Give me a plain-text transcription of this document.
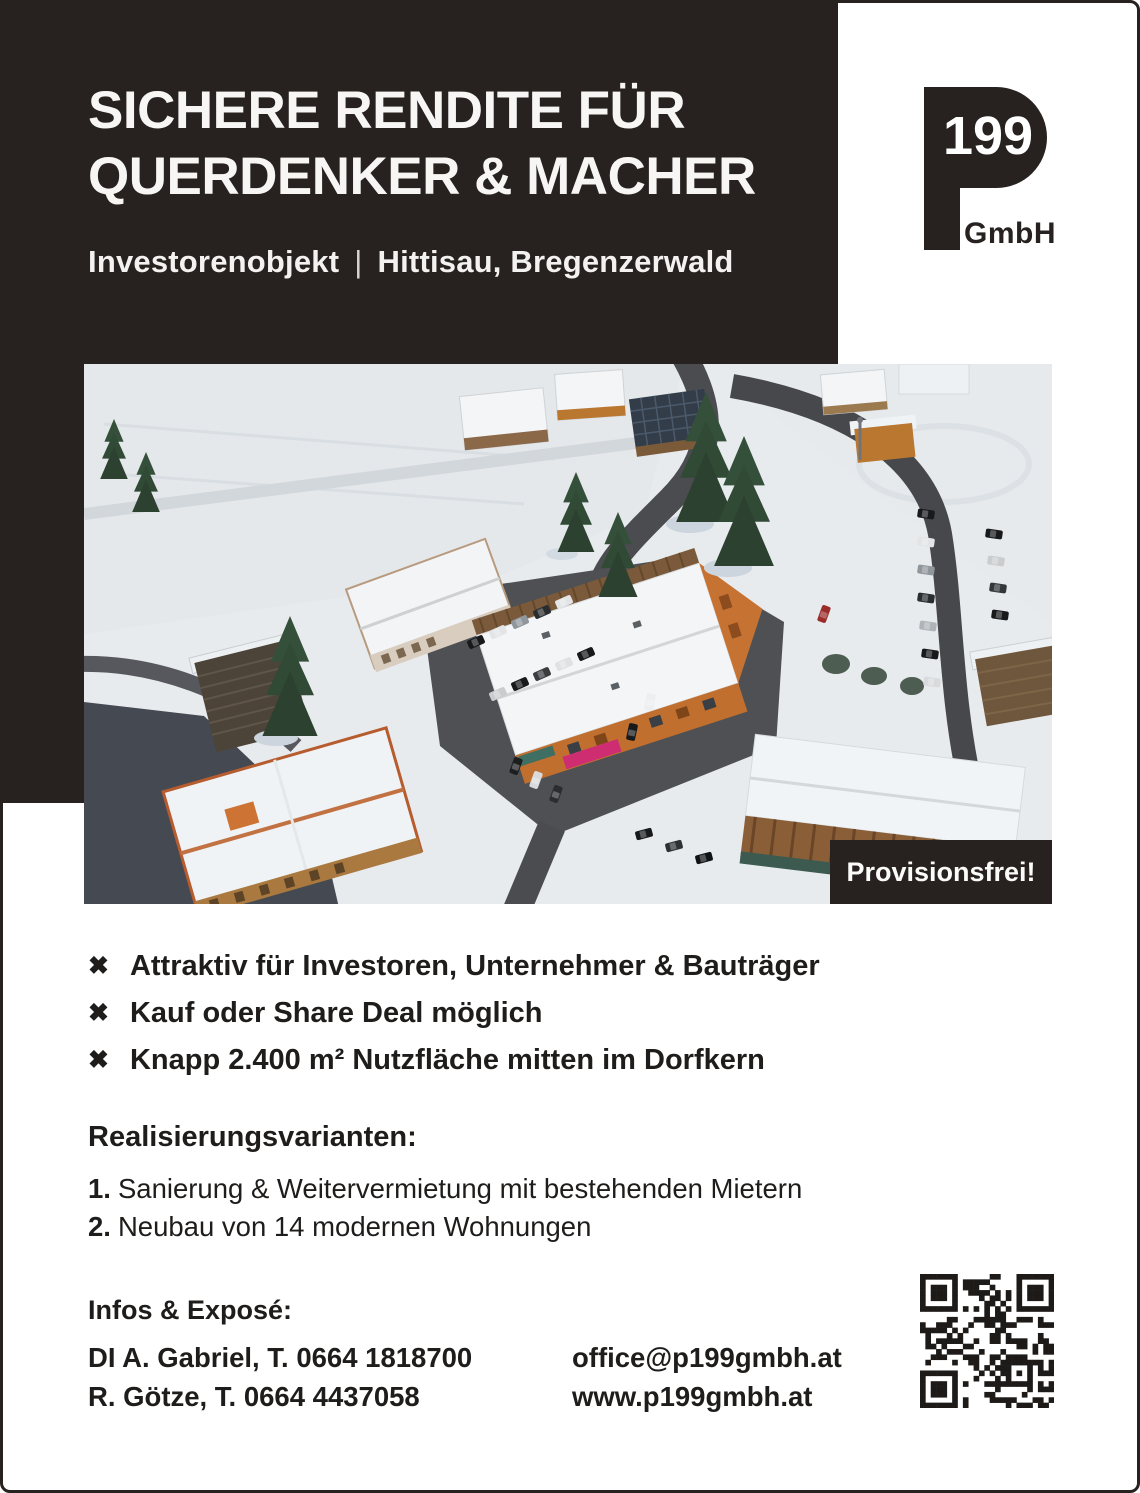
SICHERE RENDITE FÜR
QUERDENKER & MACHER
Investorenobjekt | Hittisau, Bregenzerwald
199
GmbH
Provisionsfrei!
✖ Attraktiv für Investoren, Unternehmer & Bauträger
✖ Kauf oder Share Deal möglich
✖ Knapp 2.400 m² Nutzfläche mitten im Dorfkern
Realisierungsvarianten:
1. Sanierung & Weitervermietung mit bestehenden Mietern
2. Neubau von 14 modernen Wohnungen
Infos & Exposé:
DI A. Gabriel, T. 0664 1818700
R. Götze, T. 0664 4437058
office@p199gmbh.at
www.p199gmbh.at
